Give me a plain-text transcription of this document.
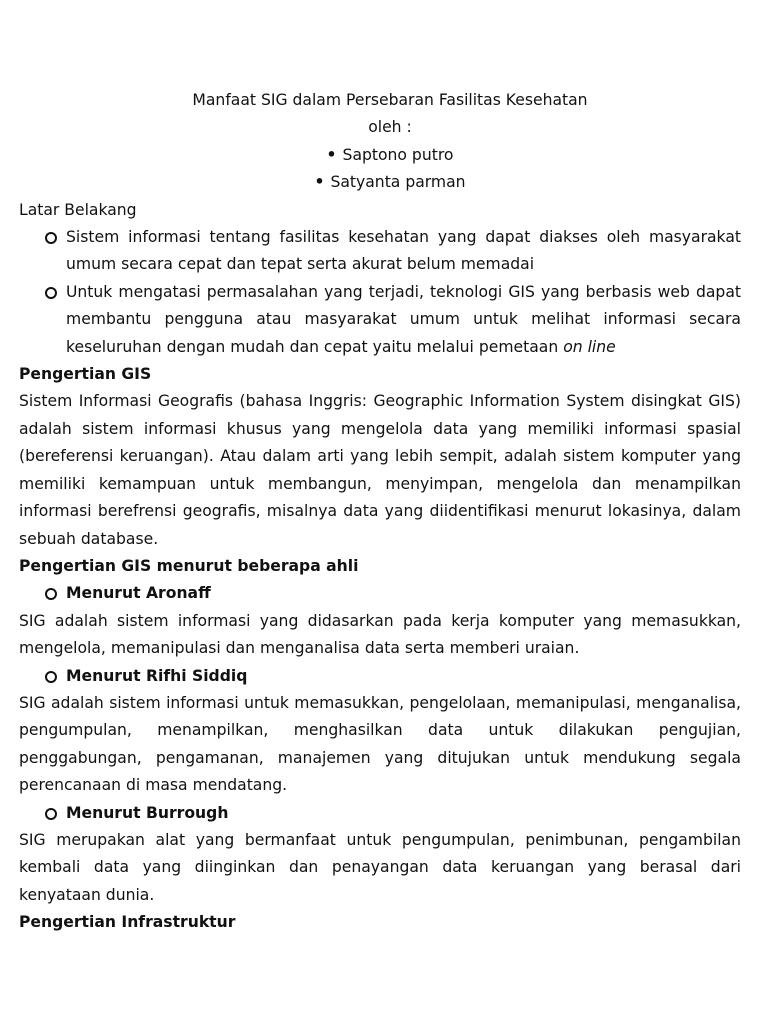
Manfaat SIG dalam Persebaran Fasilitas Kesehatan
oleh :
• Saptono putro
• Satyanta parman
Latar Belakang
Sistem informasi tentang fasilitas kesehatan yang dapat diakses oleh masyarakat umum secara cepat dan tepat serta akurat belum memadai
Untuk mengatasi permasalahan yang terjadi, teknologi GIS yang berbasis web dapat membantu pengguna atau masyarakat umum untuk melihat informasi secara keseluruhan dengan mudah dan cepat yaitu melalui pemetaan on line
Pengertian GIS

Sistem Informasi Geografis (bahasa Inggris: Geographic Information System disingkat GIS) adalah sistem informasi khusus yang mengelola data yang memiliki informasi spasial (bereferensi keruangan). Atau dalam arti yang lebih sempit, adalah sistem komputer yang memiliki kemampuan untuk membangun, menyimpan, mengelola dan menampilkan informasi berefrensi geografis, misalnya data yang diidentifikasi menurut lokasinya, dalam sebuah database.

Pengertian GIS menurut beberapa ahli
Menurut Aronaff

SIG adalah sistem informasi yang didasarkan pada kerja komputer yang memasukkan, mengelola, memanipulasi dan menganalisa data serta memberi uraian.

Menurut Rifhi Siddiq

SIG adalah sistem informasi untuk memasukkan, pengelolaan, memanipulasi, menganalisa, pengumpulan, menampilkan, menghasilkan data untuk dilakukan pengujian, penggabungan, pengamanan, manajemen yang ditujukan untuk mendukung segala perencanaan di masa mendatang.

Menurut Burrough

SIG merupakan alat yang bermanfaat untuk pengumpulan, penimbunan, pengambilan kembali data yang diinginkan dan penayangan data keruangan yang berasal dari kenyataan dunia.

Pengertian Infrastruktur
